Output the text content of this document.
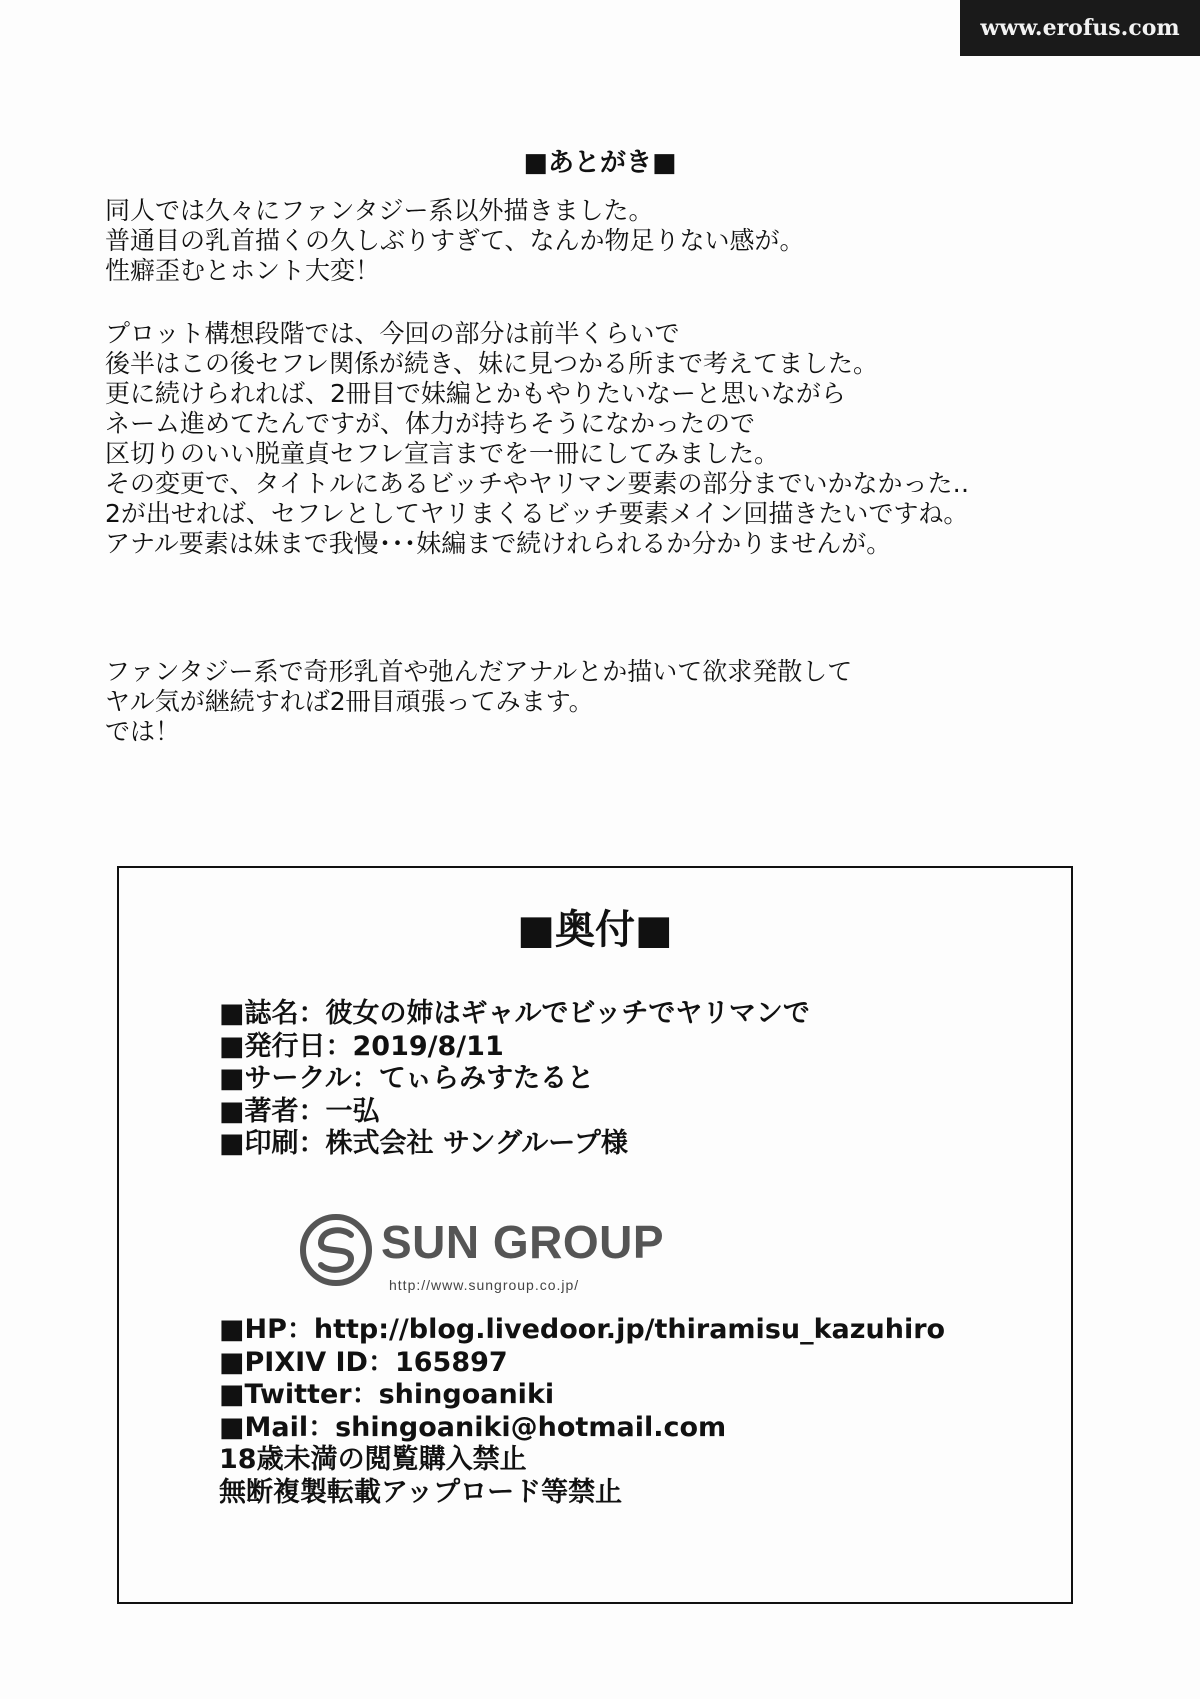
www.erofus.com
■あとがき■

同人では久々にファンタジー系以外描きました。
普通目の乳首描くの久しぶりすぎて、なんか物足りない感が。
性癖歪むとホント大変！

プロット構想段階では、今回の部分は前半くらいで
後半はこの後セフレ関係が続き、妹に見つかる所まで考えてました。
更に続けられれば、2冊目で妹編とかもやりたいなーと思いながら
ネーム進めてたんですが、体力が持ちそうになかったので
区切りのいい脱童貞セフレ宣言までを一冊にしてみました。
その変更で、タイトルにあるビッチやヤリマン要素の部分までいかなかった‥
2が出せれば、セフレとしてヤリまくるビッチ要素メイン回描きたいですね。
アナル要素は妹まで我慢･･･妹編まで続けれられるか分かりませんが。

ファンタジー系で奇形乳首や弛んだアナルとか描いて欲求発散して
ヤル気が継続すれば2冊目頑張ってみます。
では！

■奥付■
■誌名：彼女の姉はギャルでビッチでヤリマンで
■発行日：2019/8/11
■サークル：てぃらみすたると
■著者：一弘
■印刷：株式会社 サングループ様
SUN GROUP
http://www.sungroup.co.jp/
■HP：http://blog.livedoor.jp/thiramisu_kazuhiro
■PIXIV ID：165897
■Twitter：shingoaniki
■Mail：shingoaniki@hotmail.com
18歳未満の閲覧購入禁止
無断複製転載アップロード等禁止
